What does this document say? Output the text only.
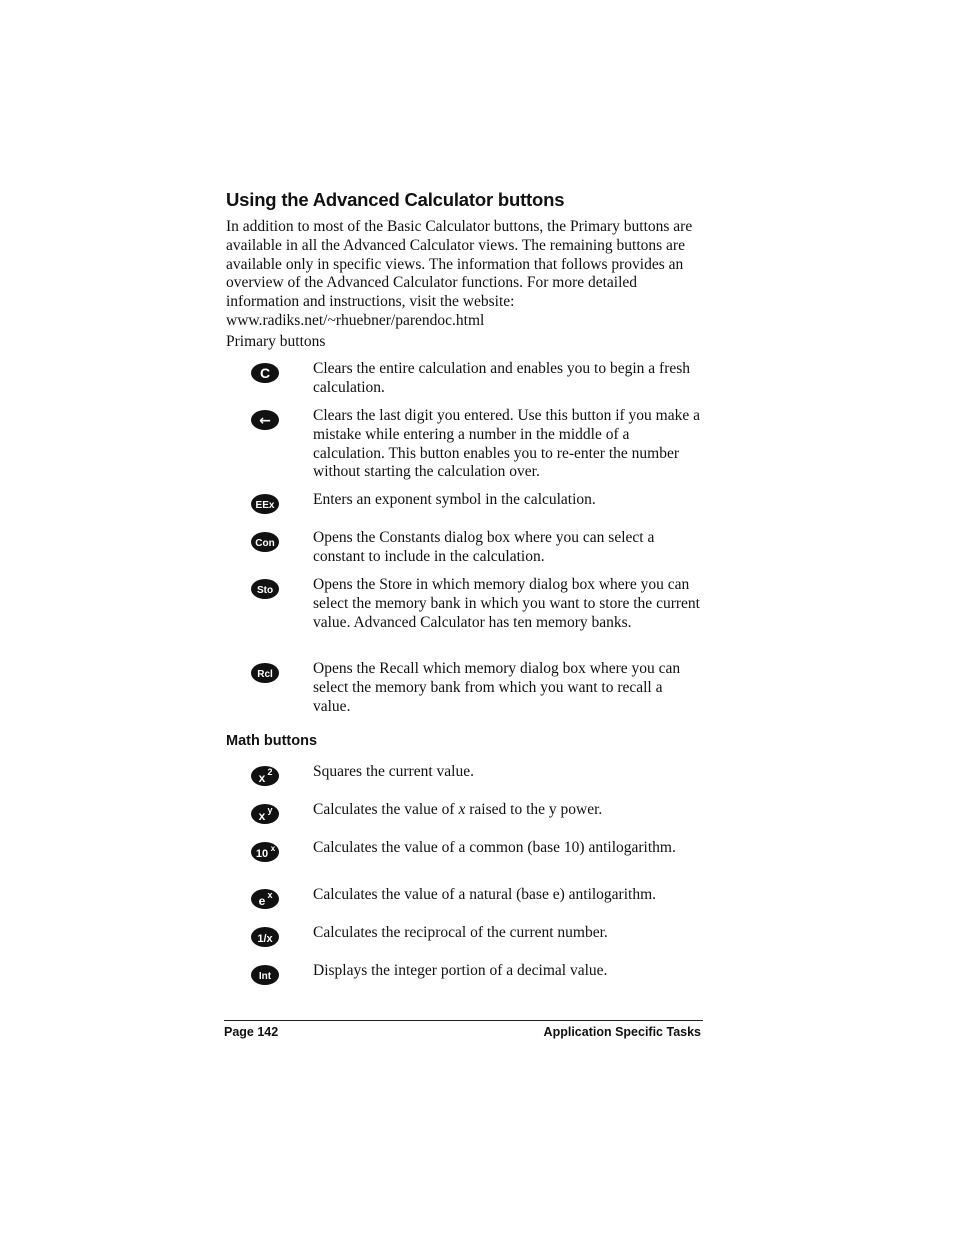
Using the Advanced Calculator buttons

In addition to most of the Basic Calculator buttons, the Primary buttons are available in all the Advanced Calculator views. The remaining buttons are available only in specific views. The information that follows provides an overview of the Advanced Calculator functions. For more detailed information and instructions, visit the website: www.radiks.net/~rhuebner/parendoc.html

Primary buttons
C	Clears the entire calculation and enables you to begin a fresh calculation.
←	Clears the last digit you entered. Use this button if you make a mistake while entering a number in the middle of a calculation. This button enables you to re-enter the number without starting the calculation over.
EEx Enters an exponent symbol in the calculation.
Con Opens the Constants dialog box where you can select a constant to include in the calculation.
Sto	Opens the Store in which memory dialog box where you can select the memory bank in which you want to store the current value. Advanced Calculator has ten memory banks.
Rcl	Opens the Recall which memory dialog box where you can select the memory bank from which you want to recall a value.
Math buttons
x 2	Squares the current value.
x y	Calculates the value of x raised to the y power.
10 x Calculates the value of a common (base 10) antilogarithm.
e x	Calculates the value of a natural (base e) antilogarithm.
1/x	Calculates the reciprocal of the current number.
Int	Displays the integer portion of a decimal value.
Page 142	Application Specific Tasks
